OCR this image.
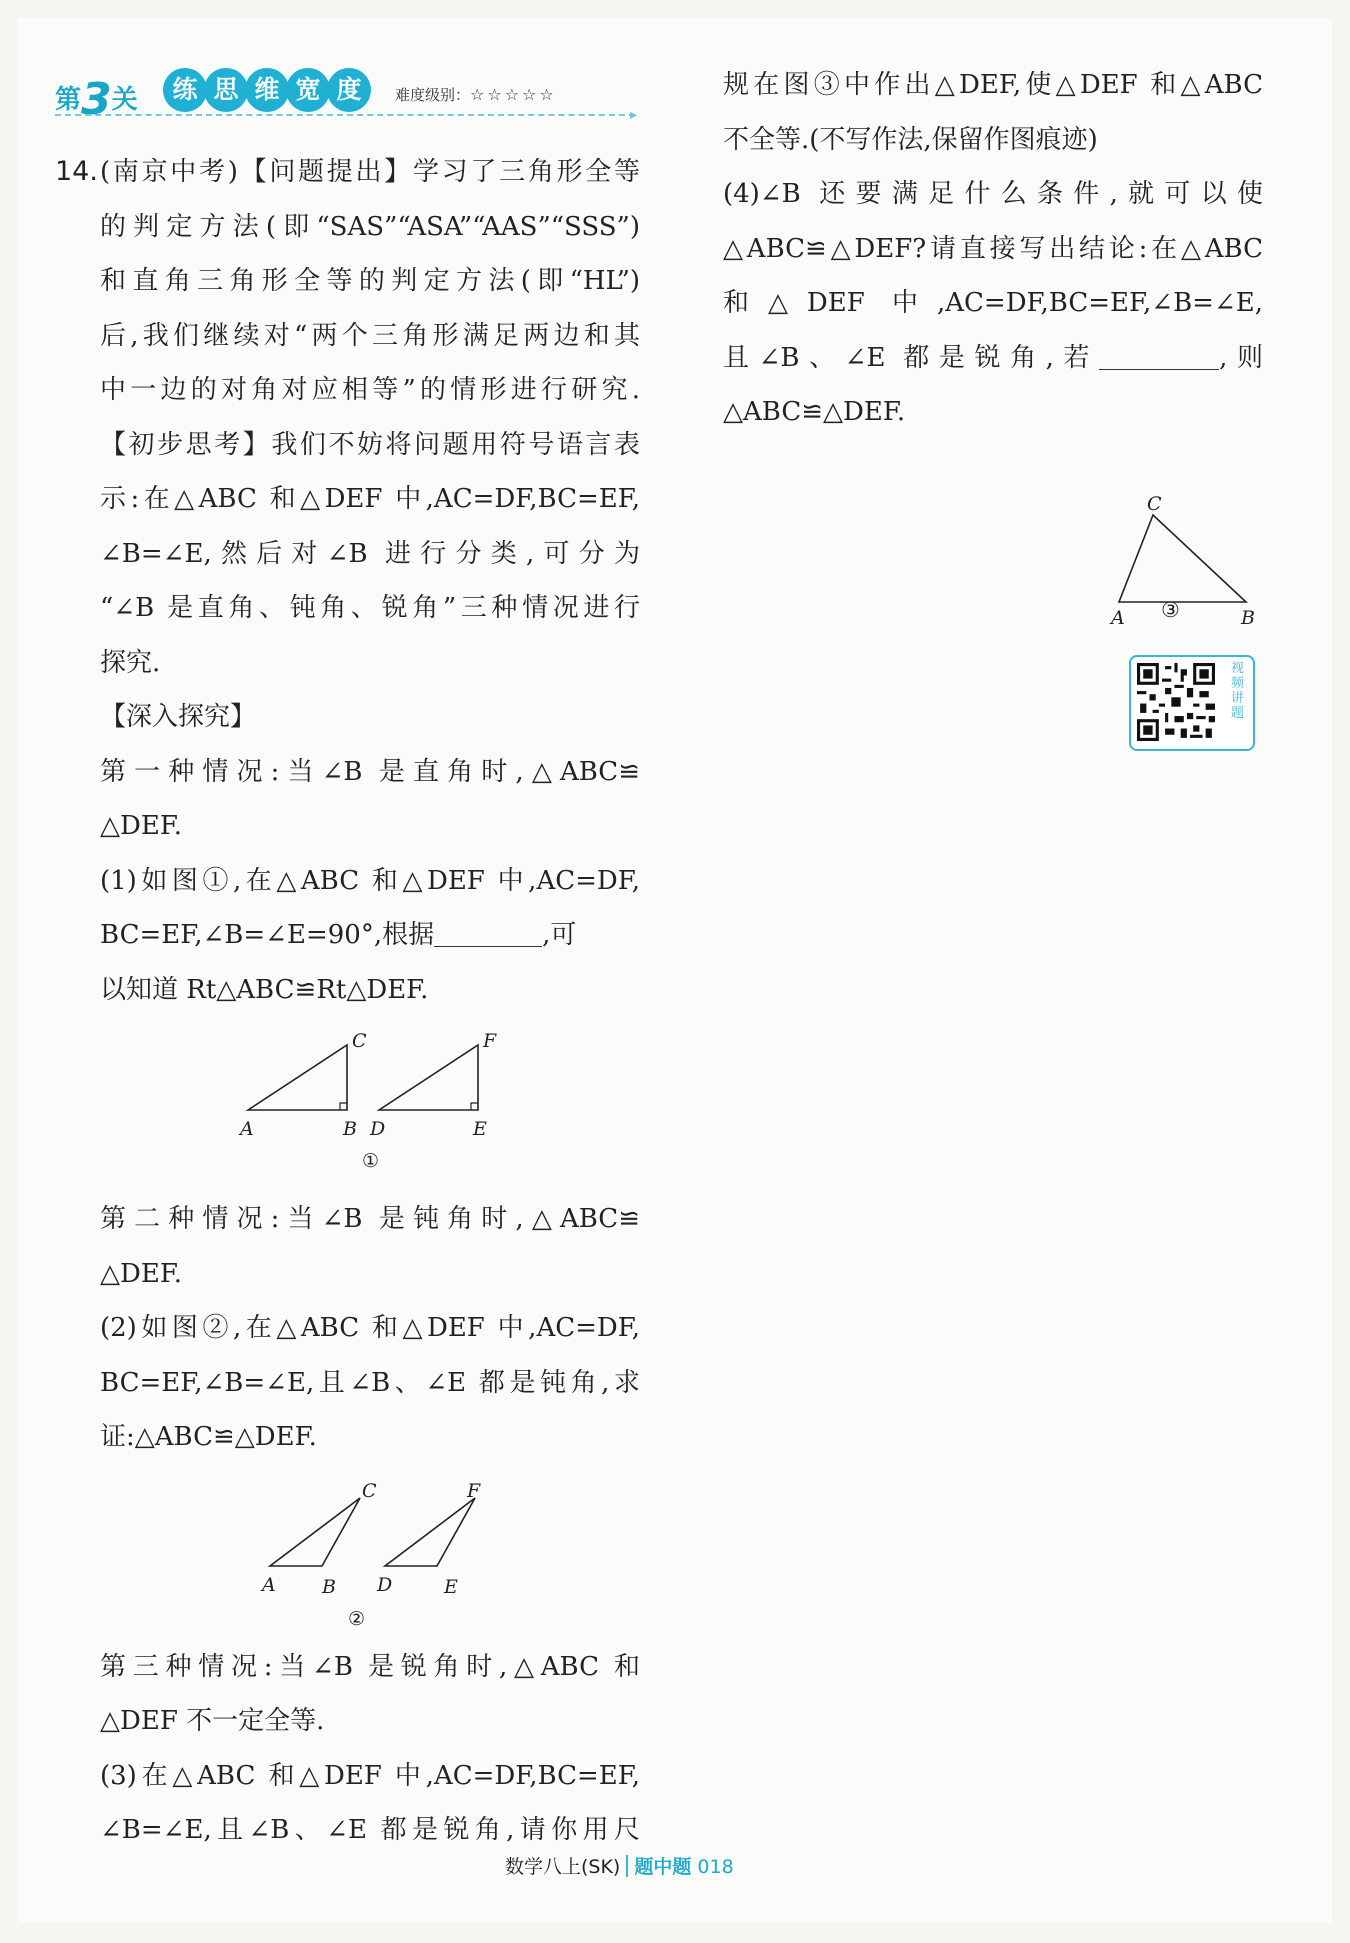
第3关 练 思 维 宽 度	难度级别：☆☆☆☆☆
▸
14. (南京中考)【问题提出】学习了三角形全等
的判定方法(即“SAS”“ASA”“AAS”“SSS”)
和直角三角形全等的判定方法(即“HL”)
后,我们继续对“两个三角形满足两边和其
中一边的对角对应相等”的情形进行研究.
【初步思考】我们不妨将问题用符号语言表
示:在△ABC 和△DEF 中,AC=DF,BC=EF,
∠B=∠E,然后对∠B 进行分类,可分为
“∠B 是直角、钝角、锐角”三种情况进行
探究.
【深入探究】
第一种情况:当∠B 是直角时,△ABC≌
△DEF.
(1)如图①,在△ABC 和△DEF 中,AC=DF,
BC=EF,∠B=∠E=90°,根据	,可
以知道 Rt△ABC≌Rt△DEF.
A	B
C
D	E
F
①
第二种情况:当∠B 是钝角时,△ABC≌
△DEF.
(2)如图②,在△ABC 和△DEF 中,AC=DF,
BC=EF,∠B=∠E,且∠B、∠E 都是钝角,求
证:△ABC≌△DEF.
A B
C
D	E
F
②
第三种情况:当∠B 是锐角时,△ABC 和
△DEF 不一定全等.
(3)在△ABC 和△DEF 中,AC=DF,BC=EF,
∠B=∠E,且∠B、∠E 都是锐角,请你用尺
规在图③中作出△DEF,使△DEF 和△ABC
不全等.(不写作法,保留作图痕迹)
(4)∠B 还要满足什么条件,就可以使
△ABC≌△DEF?请直接写出结论:在△ABC
和△DEF 中,AC=DF,BC=EF,∠B=∠E,
且∠B、∠E 都是锐角,若	,则
△ABC≌△DEF.
C
A	B
③
视频讲题
数学八上(SK) 题中题 018
